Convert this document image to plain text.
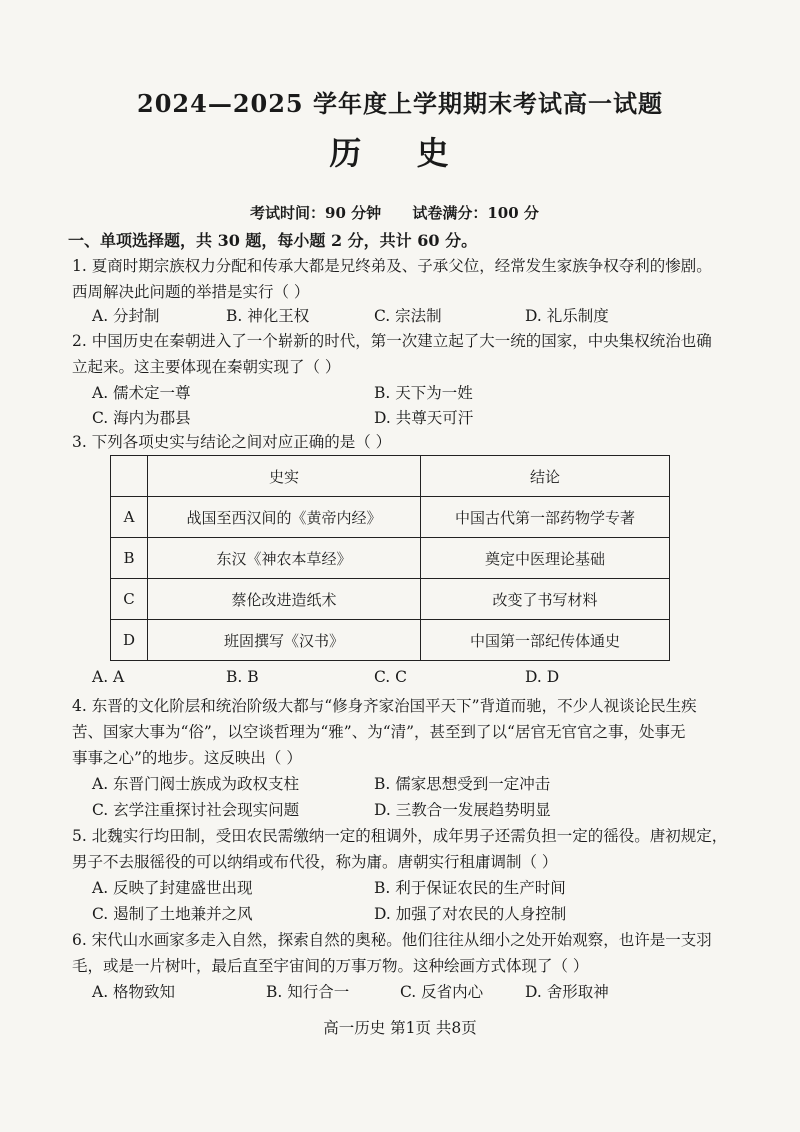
2024—2025 学年度上学期期末考试高一试题
历 史
考试时间：90 分钟 试卷满分：100 分
一、单项选择题，共 30 题，每小题 2 分，共计 60 分。
1. 夏商时期宗族权力分配和传承大都是兄终弟及、子承父位，经常发生家族争权夺利的惨剧。
西周解决此问题的举措是实行（ ）
A. 分封制	B. 神化王权	C. 宗法制	D. 礼乐制度
2. 中国历史在秦朝进入了一个崭新的时代，第一次建立起了大一统的国家，中央集权统治也确
立起来。这主要体现在秦朝实现了（ ）
A. 儒术定一尊	B. 天下为一姓
C. 海内为郡县	D. 共尊天可汗
3. 下列各项史实与结论之间对应正确的是（ ）
	史实	结论
A	战国至西汉间的《黄帝内经》	中国古代第一部药物学专著
B	东汉《神农本草经》	奠定中医理论基础
C	蔡伦改进造纸术	改变了书写材料
D	班固撰写《汉书》	中国第一部纪传体通史
A. A	B. B	C. C	D. D
4. 东晋的文化阶层和统治阶级大都与“修身齐家治国平天下”背道而驰，不少人视谈论民生疾
苦、国家大事为“俗”，以空谈哲理为“雅”、为“清”，甚至到了以“居官无官官之事，处事无
事事之心”的地步。这反映出（ ）
A. 东晋门阀士族成为政权支柱	B. 儒家思想受到一定冲击
C. 玄学注重探讨社会现实问题	D. 三教合一发展趋势明显
5. 北魏实行均田制，受田农民需缴纳一定的租调外，成年男子还需负担一定的徭役。唐初规定，
男子不去服徭役的可以纳绢或布代役，称为庸。唐朝实行租庸调制（ ）
A. 反映了封建盛世出现	B. 利于保证农民的生产时间
C. 遏制了土地兼并之风	D. 加强了对农民的人身控制
6. 宋代山水画家多走入自然，探索自然的奥秘。他们往往从细小之处开始观察，也许是一支羽
毛，或是一片树叶，最后直至宇宙间的万事万物。这种绘画方式体现了（ ）
A. 格物致知	B. 知行合一	C. 反省内心	D. 舍形取神
高一历史 第1页 共8页
